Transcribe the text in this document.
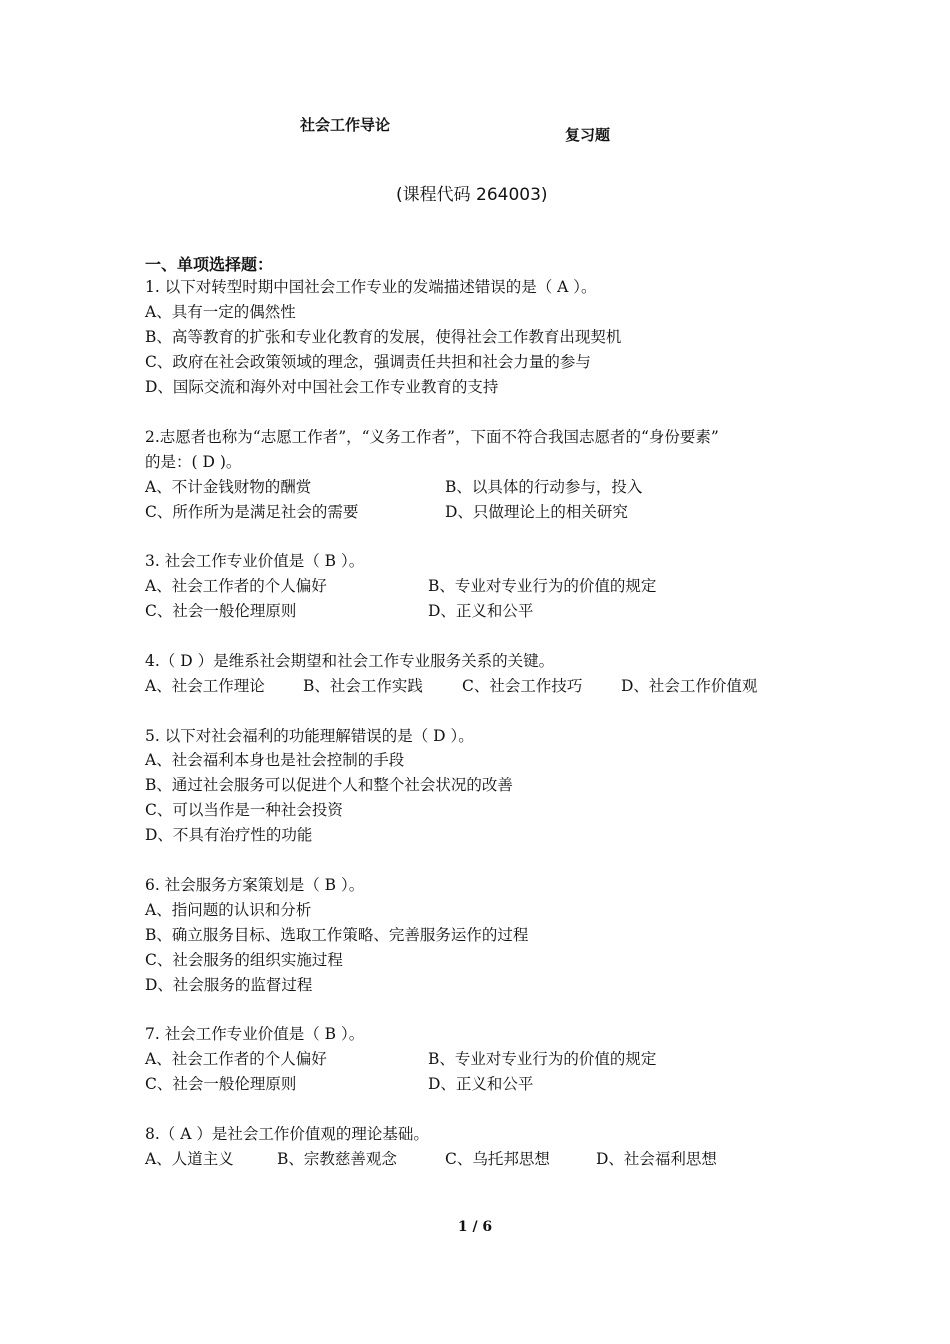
社会工作导论
复习题
(课程代码 264003)
一、单项选择题：
1. 以下对转型时期中国社会工作专业的发端描述错误的是（ A ）。
A、具有一定的偶然性
B、高等教育的扩张和专业化教育的发展，使得社会工作教育出现契机
C、政府在社会政策领域的理念，强调责任共担和社会力量的参与
D、国际交流和海外对中国社会工作专业教育的支持
2.志愿者也称为“志愿工作者”，“义务工作者”，下面不符合我国志愿者的“身份要素”
的是：( D )。
A、不计金钱财物的酬赏	B、以具体的行动参与，投入
C、所作所为是满足社会的需要	D、只做理论上的相关研究
3. 社会工作专业价值是（ B ）。
A、社会工作者的个人偏好	B、专业对专业行为的价值的规定
C、社会一般伦理原则	D、正义和公平
4.（ D ）是维系社会期望和社会工作专业服务关系的关键。
A、社会工作理论 B、社会工作实践	C、社会工作技巧 D、社会工作价值观
5. 以下对社会福利的功能理解错误的是（ D ）。
A、社会福利本身也是社会控制的手段
B、通过社会服务可以促进个人和整个社会状况的改善
C、可以当作是一种社会投资
D、不具有治疗性的功能
6. 社会服务方案策划是（ B ）。
A、指问题的认识和分析
B、确立服务目标、选取工作策略、完善服务运作的过程
C、社会服务的组织实施过程
D、社会服务的监督过程
7. 社会工作专业价值是（ B ）。
A、社会工作者的个人偏好	B、专业对专业行为的价值的规定
C、社会一般伦理原则	D、正义和公平
8.（ A ）是社会工作价值观的理论基础。
A、人道主义	B、宗教慈善观念	C、乌托邦思想	D、社会福利思想
1 / 6
